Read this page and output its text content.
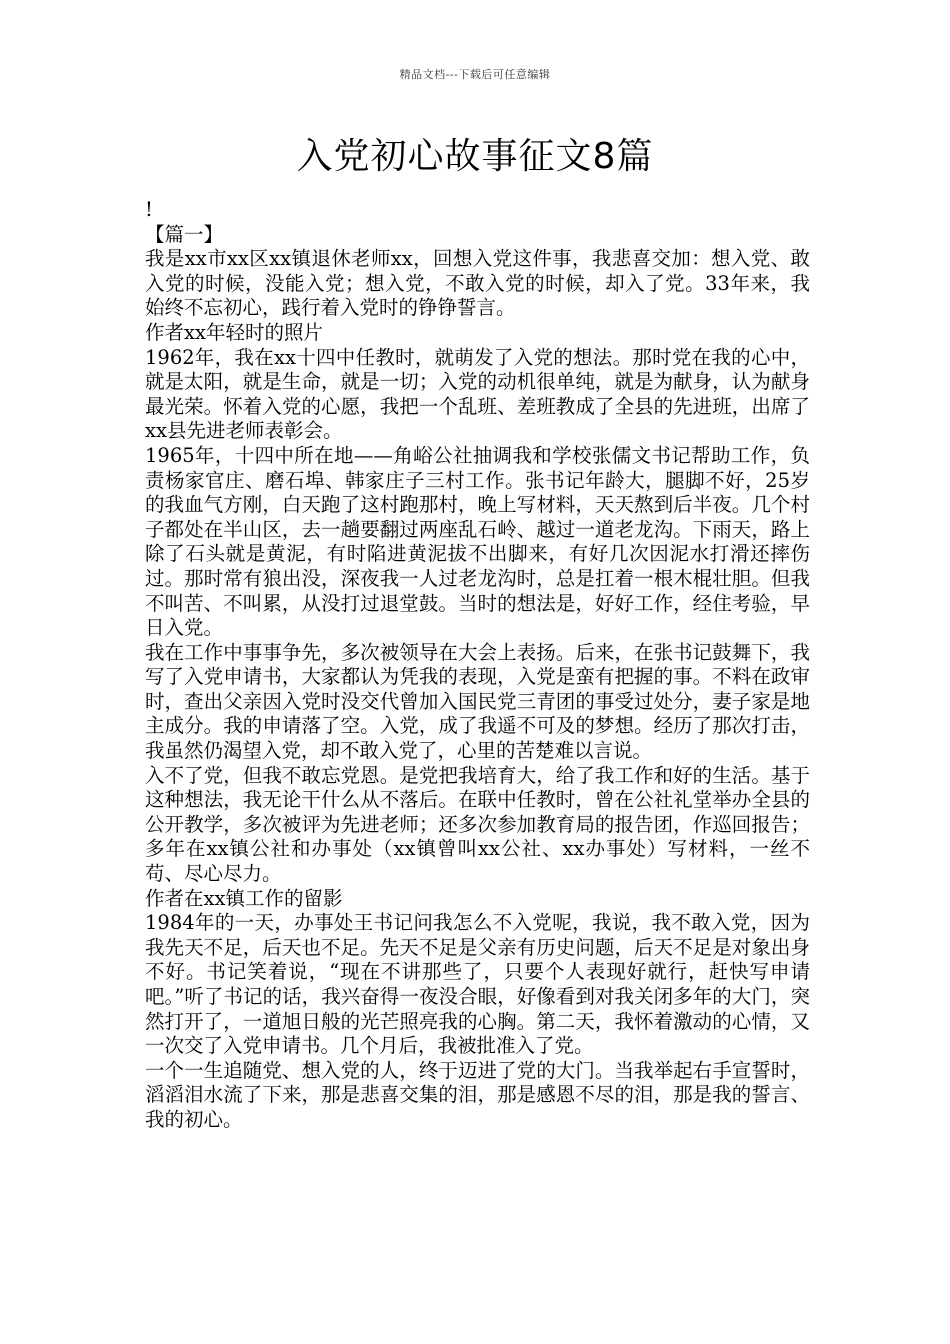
精品文档---下载后可任意编辑
入党初心故事征文8篇

!

【篇一】

我是xx市xx区xx镇退休老师xx，回想入党这件事，我悲喜交加：想入党、敢入党的时候，没能入党；想入党，不敢入党的时候，却入了党。33年来，我始终不忘初心，践行着入党时的铮铮誓言。

作者xx年轻时的照片

1962年，我在xx十四中任教时，就萌发了入党的想法。那时党在我的心中，就是太阳，就是生命，就是一切；入党的动机很单纯，就是为献身，认为献身最光荣。怀着入党的心愿，我把一个乱班、差班教成了全县的先进班，出席了xx县先进老师表彰会。

1965年，十四中所在地——角峪公社抽调我和学校张儒文书记帮助工作，负责杨家官庄、磨石埠、韩家庄子三村工作。张书记年龄大，腿脚不好，25岁的我血气方刚，白天跑了这村跑那村，晚上写材料，天天熬到后半夜。几个村子都处在半山区，去一趟要翻过两座乱石岭、越过一道老龙沟。下雨天，路上除了石头就是黄泥，有时陷进黄泥拔不出脚来，有好几次因泥水打滑还摔伤过。那时常有狼出没，深夜我一人过老龙沟时，总是扛着一根木棍壮胆。但我不叫苦、不叫累，从没打过退堂鼓。当时的想法是，好好工作，经住考验，早日入党。

我在工作中事事争先，多次被领导在大会上表扬。后来，在张书记鼓舞下，我写了入党申请书，大家都认为凭我的表现，入党是蛮有把握的事。不料在政审时，查出父亲因入党时没交代曾加入国民党三青团的事受过处分，妻子家是地主成分。我的申请落了空。入党，成了我遥不可及的梦想。经历了那次打击，我虽然仍渴望入党，却不敢入党了，心里的苦楚难以言说。

入不了党，但我不敢忘党恩。是党把我培育大，给了我工作和好的生活。基于这种想法，我无论干什么从不落后。在联中任教时，曾在公社礼堂举办全县的公开教学，多次被评为先进老师；还多次参加教育局的报告团，作巡回报告；多年在xx镇公社和办事处（xx镇曾叫xx公社、xx办事处）写材料，一丝不苟、尽心尽力。

作者在xx镇工作的留影

1984年的一天，办事处王书记问我怎么不入党呢，我说，我不敢入党，因为我先天不足，后天也不足。先天不足是父亲有历史问题，后天不足是对象出身不好。书记笑着说，“现在不讲那些了，只要个人表现好就行，赶快写申请吧。”听了书记的话，我兴奋得一夜没合眼，好像看到对我关闭多年的大门，突然打开了，一道旭日般的光芒照亮我的心胸。第二天，我怀着激动的心情，又一次交了入党申请书。几个月后，我被批准入了党。

一个一生追随党、想入党的人，终于迈进了党的大门。当我举起右手宣誓时，滔滔泪水流了下来，那是悲喜交集的泪，那是感恩不尽的泪，那是我的誓言、我的初心。
